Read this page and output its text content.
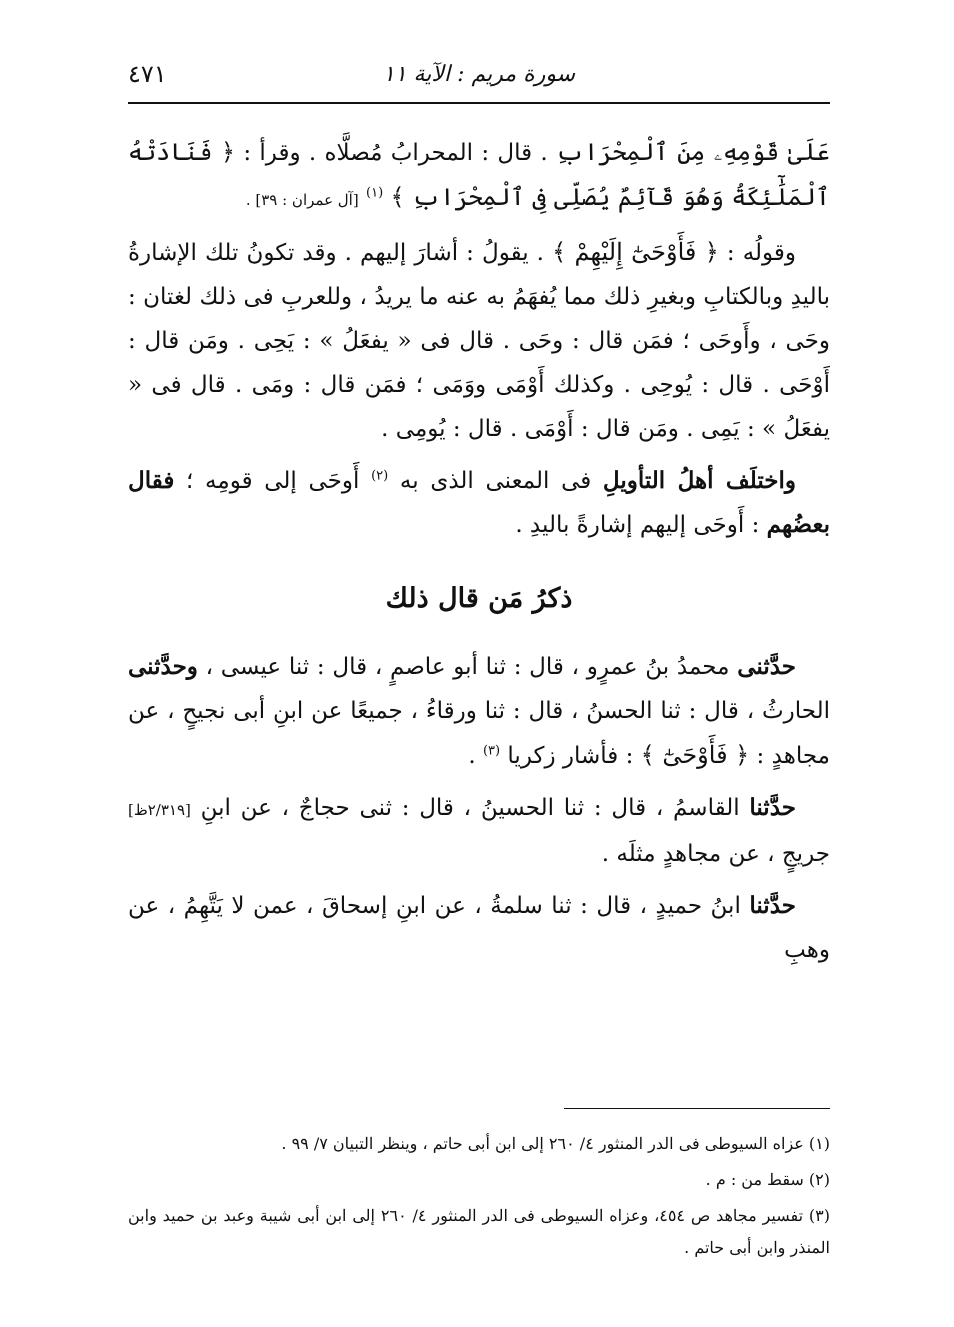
سورة مريم : الآية ١١
٤٧١

عَلَىٰ قَوْمِهِۦ مِنَ ٱلْمِحْرَابِ . قال : المحرابُ مُصلَّاه . وقرأ : ﴿ فَنَادَتْهُ ٱلْمَلَٰٓئِكَةُ وَهُوَ قَآئِمٌ يُصَلِّى فِى ٱلْمِحْرَابِ ﴾ $^{(١)}$ [آل عمران : ٣٩] .

وقولُه : ﴿ فَأَوْحَىٰٓ إِلَيْهِمْ ﴾ . يقولُ : أشارَ إليهم . وقد تكونُ تلك الإشارةُ باليدِ وبالكتابِ وبغيرِ ذلك مما يُفهَمُ به عنه ما يريدُ ، وللعربِ فى ذلك لغتان : وحَى ، وأَوحَى ؛ فمَن قال : وحَى . قال فى « يفعَلُ » : يَحِى . ومَن قال : أَوْحَى . قال : يُوحِى . وكذلك أَوْمَى ووَمَى ؛ فمَن قال : ومَى . قال فى « يفعَلُ » : يَمِى . ومَن قال : أَوْمَى . قال : يُومِى .

واختلَف أهلُ التأويلِ فى المعنى الذى به $^{(٢)}$ أَوحَى إلى قومِه ؛ فقال بعضُهم : أَوحَى إليهم إشارةً باليدِ .

ذكرُ مَن قال ذلك

حدَّثنى محمدُ بنُ عمرٍو ، قال : ثنا أبو عاصمٍ ، قال : ثنا عيسى ، وحدَّثنى الحارثُ ، قال : ثنا الحسنُ ، قال : ثنا ورقاءُ ، جميعًا عن ابنِ أبى نجيحٍ ، عن مجاهدٍ : ﴿ فَأَوْحَىٰٓ ﴾ : فأشار زكريا $^{(٣)}$ .

حدَّثنا القاسمُ ، قال : ثنا الحسينُ ، قال : ثنى حجاجٌ ، عن ابنِ [٢/٣١٩ظ] جريجٍ ، عن مجاهدٍ مثلَه .

حدَّثنا ابنُ حميدٍ ، قال : ثنا سلمةُ ، عن ابنِ إسحاقَ ، عمن لا يَتَّهِمُ ، عن وهبِ

(١) عزاه السيوطى فى الدر المنثور ٤/ ٢٦٠ إلى ابن أبى حاتم ، وينظر التبيان ٧/ ٩٩ .

(٢) سقط من : م .

(٣) تفسير مجاهد ص ٤٥٤، وعزاه السيوطى فى الدر المنثور ٤/ ٢٦٠ إلى ابن أبى شيبة وعبد بن حميد وابن المنذر وابن أبى حاتم .
